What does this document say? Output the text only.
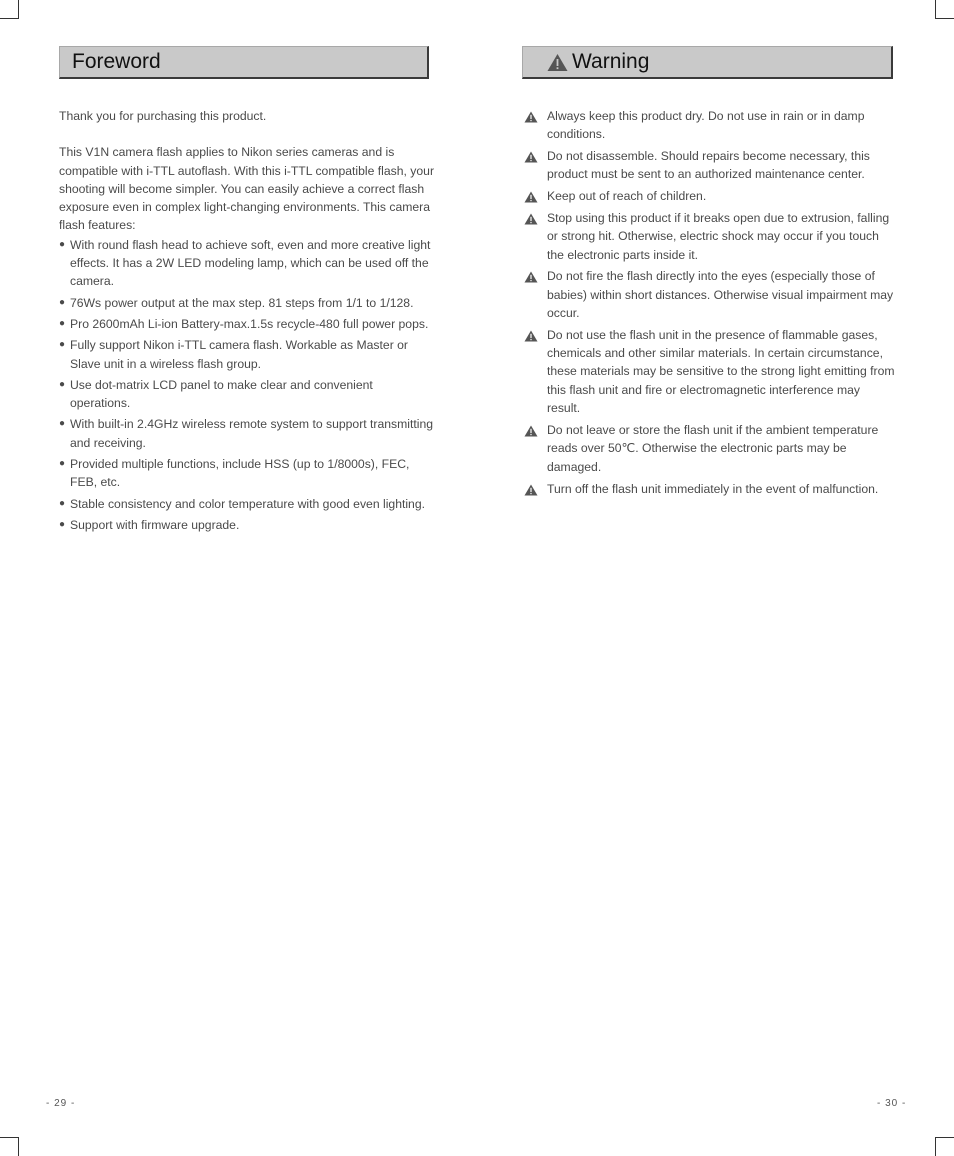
Foreword

Thank you for purchasing this product.

This V1N camera flash applies to Nikon series cameras and is compatible with i-TTL autoflash. With this i-TTL compatible flash, your shooting will become simpler. You can easily achieve a correct flash exposure even in complex light-changing environments. This camera flash features:

● With round flash head to achieve soft, even and more creative light effects. It has a 2W LED modeling lamp, which can be used off the camera.
● 76Ws power output at the max step. 81 steps from 1/1 to 1/128.
● Pro 2600mAh Li-ion Battery-max.1.5s recycle-480 full power pops.
● Fully support Nikon i-TTL camera flash. Workable as Master or Slave unit in a wireless flash group.
● Use dot-matrix LCD panel to make clear and convenient operations.
● With built-in 2.4GHz wireless remote system to support transmitting and receiving.
● Provided multiple functions, include HSS (up to 1/8000s), FEC, FEB, etc.
● Stable consistency and color temperature with good even lighting.
● Support with firmware upgrade.
Warning
Always keep this product dry. Do not use in rain or in damp conditions.
Do not disassemble. Should repairs become necessary, this product must be sent to an authorized maintenance center.
Keep out of reach of children.
Stop using this product if it breaks open due to extrusion, falling or strong hit. Otherwise, electric shock may occur if you touch the electronic parts inside it.
Do not fire the flash directly into the eyes (especially those of babies) within short distances. Otherwise visual impairment may occur.
Do not use the flash unit in the presence of flammable gases, chemicals and other similar materials. In certain circumstance, these materials may be sensitive to the strong light emitting from this flash unit and fire or electromagnetic interference may result.
Do not leave or store the flash unit if the ambient temperature reads over 50℃. Otherwise the electronic parts may be damaged.
Turn off the flash unit immediately in the event of malfunction.
- 29 -	- 30 -
